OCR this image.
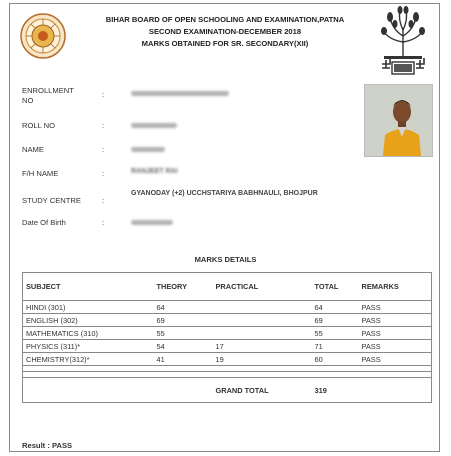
BIHAR BOARD OF OPEN SCHOOLING AND EXAMINATION,PATNA
SECOND EXAMINATION-DECEMBER 2018
MARKS OBTAINED FOR SR. SECONDARY(XII)
ENROLLMENT NO
:
ROLL NO	:
NAME	:
F/H NAME	:	RANJEET RAI
STUDY CENTRE	:
GYANODAY (+2) UCCHSTARIYA BABHNAULI, BHOJPUR
Date Of Birth	:
MARKS DETAILS
SUBJECT	THEORY	PRACTICAL	TOTAL	REMARKS
HINDI (301)	64		64	PASS
ENGLISH (302)	69		69	PASS
MATHEMATICS (310)	55		55	PASS
PHYSICS (311)*	54	17	71	PASS
CHEMISTRY(312)*	41	19	60	PASS

		GRAND TOTAL	319	
Result : PASS
